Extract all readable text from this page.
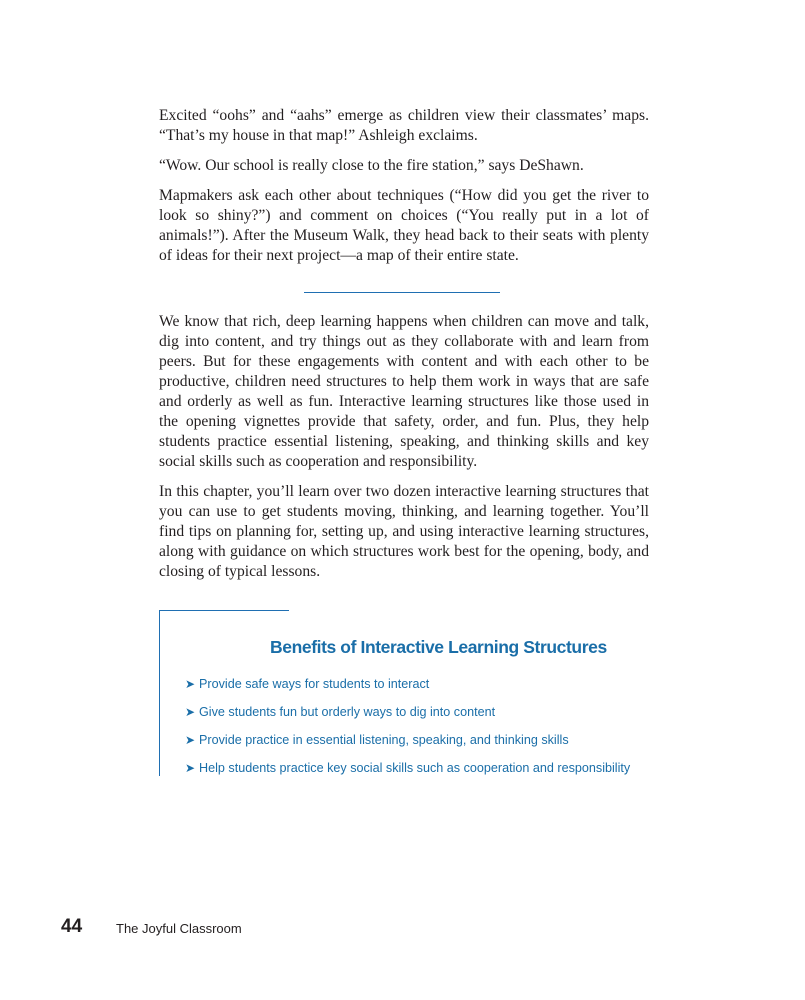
Excited “oohs” and “aahs” emerge as children view their classmates’ maps. “That’s my house in that map!” Ashleigh exclaims.

“Wow. Our school is really close to the fire station,” says DeShawn.

Mapmakers ask each other about techniques (“How did you get the river to look so shiny?”) and comment on choices (“You really put in a lot of animals!”). After the Museum Walk, they head back to their seats with plenty of ideas for their next project—a map of their entire state.

We know that rich, deep learning happens when children can move and talk, dig into content, and try things out as they collaborate with and learn from peers. But for these engagements with content and with each other to be productive, children need structures to help them work in ways that are safe and orderly as well as fun. Interactive learning structures like those used in the opening vignettes provide that safety, order, and fun. Plus, they help students practice essential listening, speaking, and thinking skills and key social skills such as cooperation and responsibility.

In this chapter, you’ll learn over two dozen interactive learning structures that you can use to get students moving, thinking, and learning together. You’ll find tips on planning for, setting up, and using interactive learning structures, along with guidance on which structures work best for the opening, body, and closing of typical lessons.

Benefits of Interactive Learning Structures
➤ Provide safe ways for students to interact
➤ Give students fun but orderly ways to dig into content
➤ Provide practice in essential listening, speaking, and thinking skills
➤ Help students practice key social skills such as cooperation and responsibility
44	The Joyful Classroom
